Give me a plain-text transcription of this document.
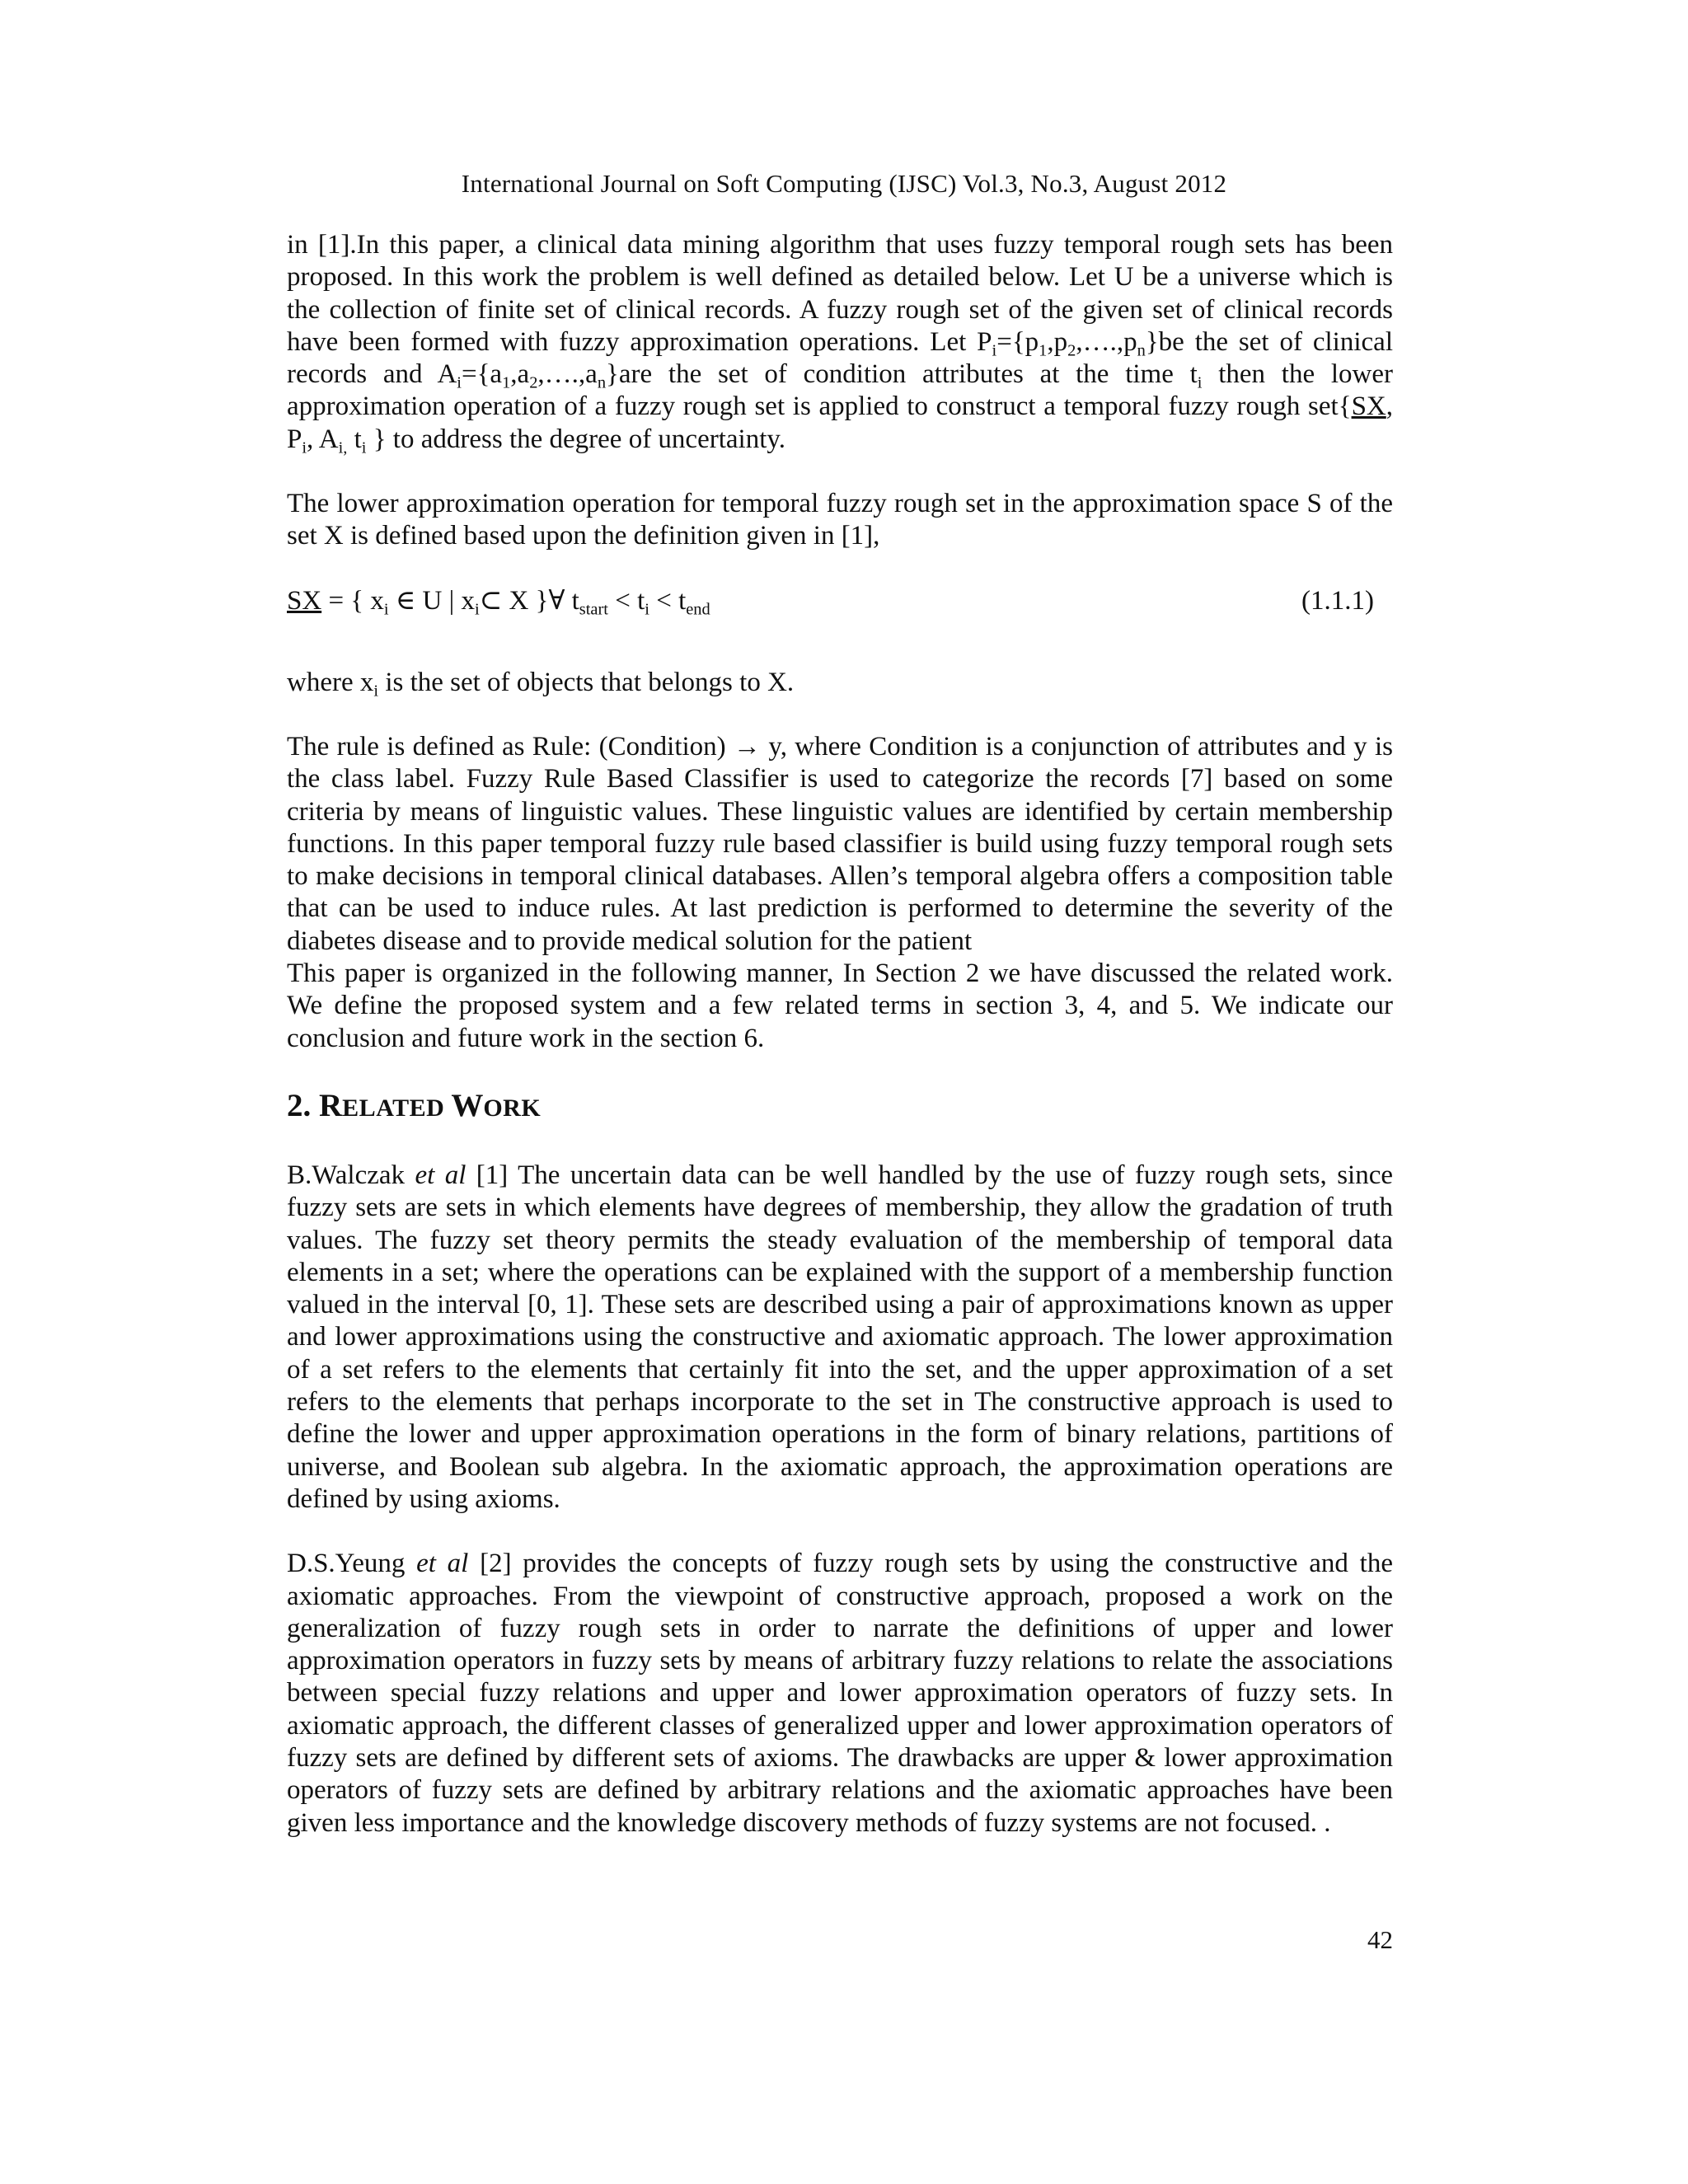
International Journal on Soft Computing (IJSC) Vol.3, No.3, August 2012

in [1].In this paper, a clinical data mining algorithm that uses fuzzy temporal rough sets has been proposed. In this work the problem is well defined as detailed below. Let U be a universe which is the collection of finite set of clinical records. A fuzzy rough set of the given set of clinical records have been formed with fuzzy approximation operations. Let $P_i=\{p_1,p_2,\dots.,p_n\}be$ the set of clinical records and $A_i=\{a_1,a_2,\dots.,a_n\}are$ the set of condition attributes at the time $t_i$ then the lower approximation operation of a fuzzy rough set is applied to construct a temporal fuzzy rough set{SX, $P_i$, $A_{i,}$ $t_i$ } to address the degree of uncertainty.

The lower approximation operation for temporal fuzzy rough set in the approximation space S of the set X is defined based upon the definition given in [1],

SX = { $x_i$ ∈ U | $x_i\subset$ X }∀ $t_{start} < t_i < t_{end}$	(1.1.1)

where $x_i$ is the set of objects that belongs to X.

The rule is defined as Rule: (Condition) → y, where Condition is a conjunction of attributes and y is the class label. Fuzzy Rule Based Classifier is used to categorize the records [7] based on some criteria by means of linguistic values. These linguistic values are identified by certain membership functions. In this paper temporal fuzzy rule based classifier is build using fuzzy temporal rough sets to make decisions in temporal clinical databases. Allen’s temporal algebra offers a composition table that can be used to induce rules. At last prediction is performed to determine the severity of the diabetes disease and to provide medical solution for the patient

This paper is organized in the following manner, In Section 2 we have discussed the related work. We define the proposed system and a few related terms in section 3, 4, and 5. We indicate our conclusion and future work in the section 6.

2. RELATED WORK

B.Walczak et al [1] The uncertain data can be well handled by the use of fuzzy rough sets, since fuzzy sets are sets in which elements have degrees of membership, they allow the gradation of truth values. The fuzzy set theory permits the steady evaluation of the membership of temporal data elements in a set; where the operations can be explained with the support of a membership function valued in the interval [0, 1]. These sets are described using a pair of approximations known as upper and lower approximations using the constructive and axiomatic approach. The lower approximation of a set refers to the elements that certainly fit into the set, and the upper approximation of a set refers to the elements that perhaps incorporate to the set in The constructive approach is used to define the lower and upper approximation operations in the form of binary relations, partitions of universe, and Boolean sub algebra. In the axiomatic approach, the approximation operations are defined by using axioms.

D.S.Yeung et al [2] provides the concepts of fuzzy rough sets by using the constructive and the axiomatic approaches. From the viewpoint of constructive approach, proposed a work on the generalization of fuzzy rough sets in order to narrate the definitions of upper and lower approximation operators in fuzzy sets by means of arbitrary fuzzy relations to relate the associations between special fuzzy relations and upper and lower approximation operators of fuzzy sets. In axiomatic approach, the different classes of generalized upper and lower approximation operators of fuzzy sets are defined by different sets of axioms. The drawbacks are upper & lower approximation operators of fuzzy sets are defined by arbitrary relations and the axiomatic approaches have been given less importance and the knowledge discovery methods of fuzzy systems are not focused. .

42
